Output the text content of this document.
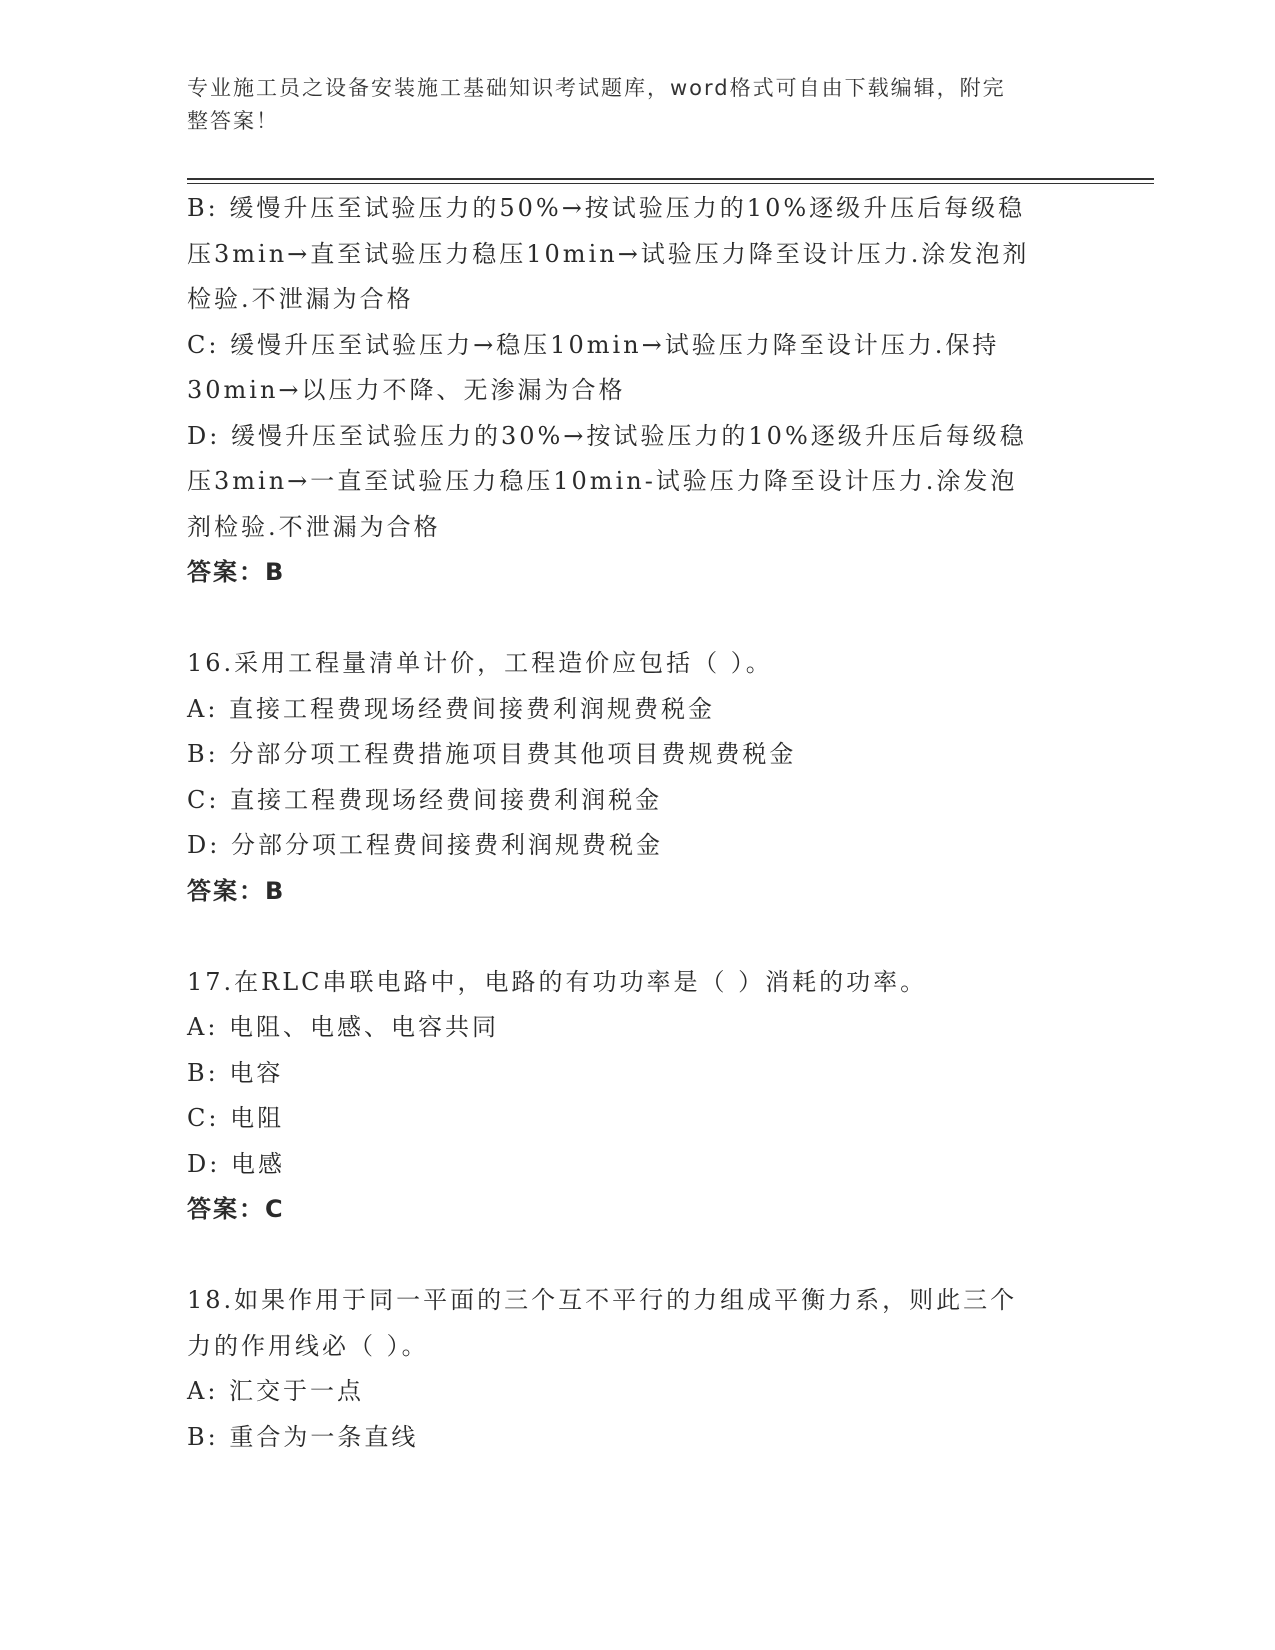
专业施工员之设备安装施工基础知识考试题库，word格式可自由下载编辑，附完
整答案！
B: 缓慢升压至试验压力的50%→按试验压力的10%逐级升压后每级稳
压3min→直至试验压力稳压10min→试验压力降至设计压力.涂发泡剂
检验.不泄漏为合格
C: 缓慢升压至试验压力→稳压10min→试验压力降至设计压力.保持
30min→以压力不降、无渗漏为合格
D: 缓慢升压至试验压力的30%→按试验压力的10%逐级升压后每级稳
压3min→一直至试验压力稳压10min-试验压力降至设计压力.涂发泡
剂检验.不泄漏为合格
答案：B
16.采用工程量清单计价，工程造价应包括（ ）。
A: 直接工程费现场经费间接费利润规费税金
B: 分部分项工程费措施项目费其他项目费规费税金
C: 直接工程费现场经费间接费利润税金
D: 分部分项工程费间接费利润规费税金
答案：B
17.在RLC串联电路中，电路的有功功率是（ ）消耗的功率。
A: 电阻、电感、电容共同
B: 电容
C: 电阻
D: 电感
答案：C
18.如果作用于同一平面的三个互不平行的力组成平衡力系，则此三个
力的作用线必（ ）。
A: 汇交于一点
B: 重合为一条直线
